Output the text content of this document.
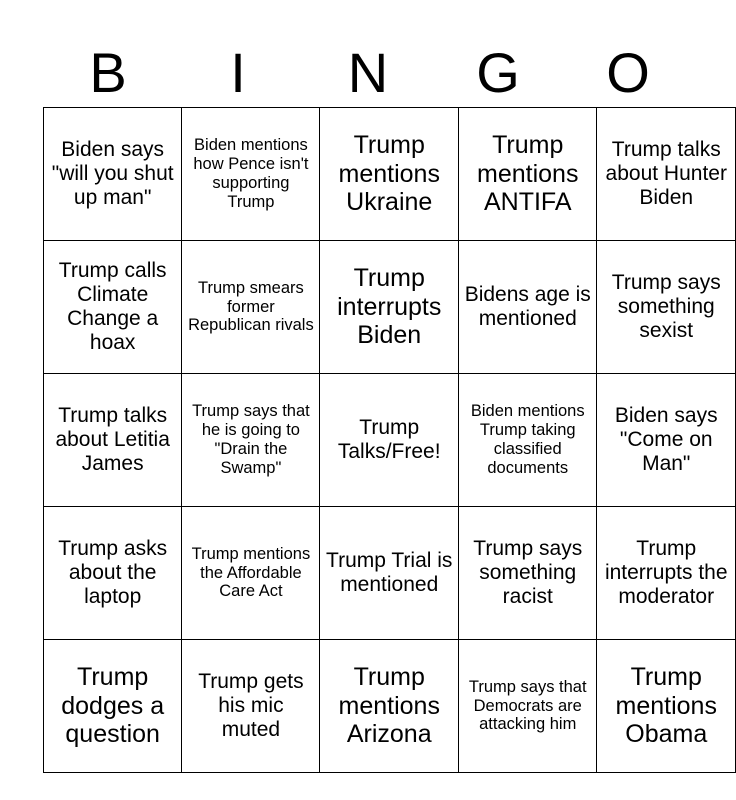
B	I	N	G	O
Biden says "will you shut up man"	Biden mentions how Pence isn't supporting Trump	Trump mentions Ukraine	Trump mentions ANTIFA	Trump talks about Hunter Biden
Trump calls Climate Change a hoax	Trump smears former Republican rivals	Trump interrupts Biden	Bidens age is mentioned	Trump says something sexist
Trump talks about Letitia James	Trump says that he is going to "Drain the Swamp"	Trump Talks/Free!	Biden mentions Trump taking classified documents	Biden says "Come on Man"
Trump asks about the laptop	Trump mentions the Affordable Care Act	Trump Trial is mentioned	Trump says something racist	Trump interrupts the moderator
Trump dodges a question	Trump gets his mic muted	Trump mentions Arizona	Trump says that Democrats are attacking him	Trump mentions Obama
